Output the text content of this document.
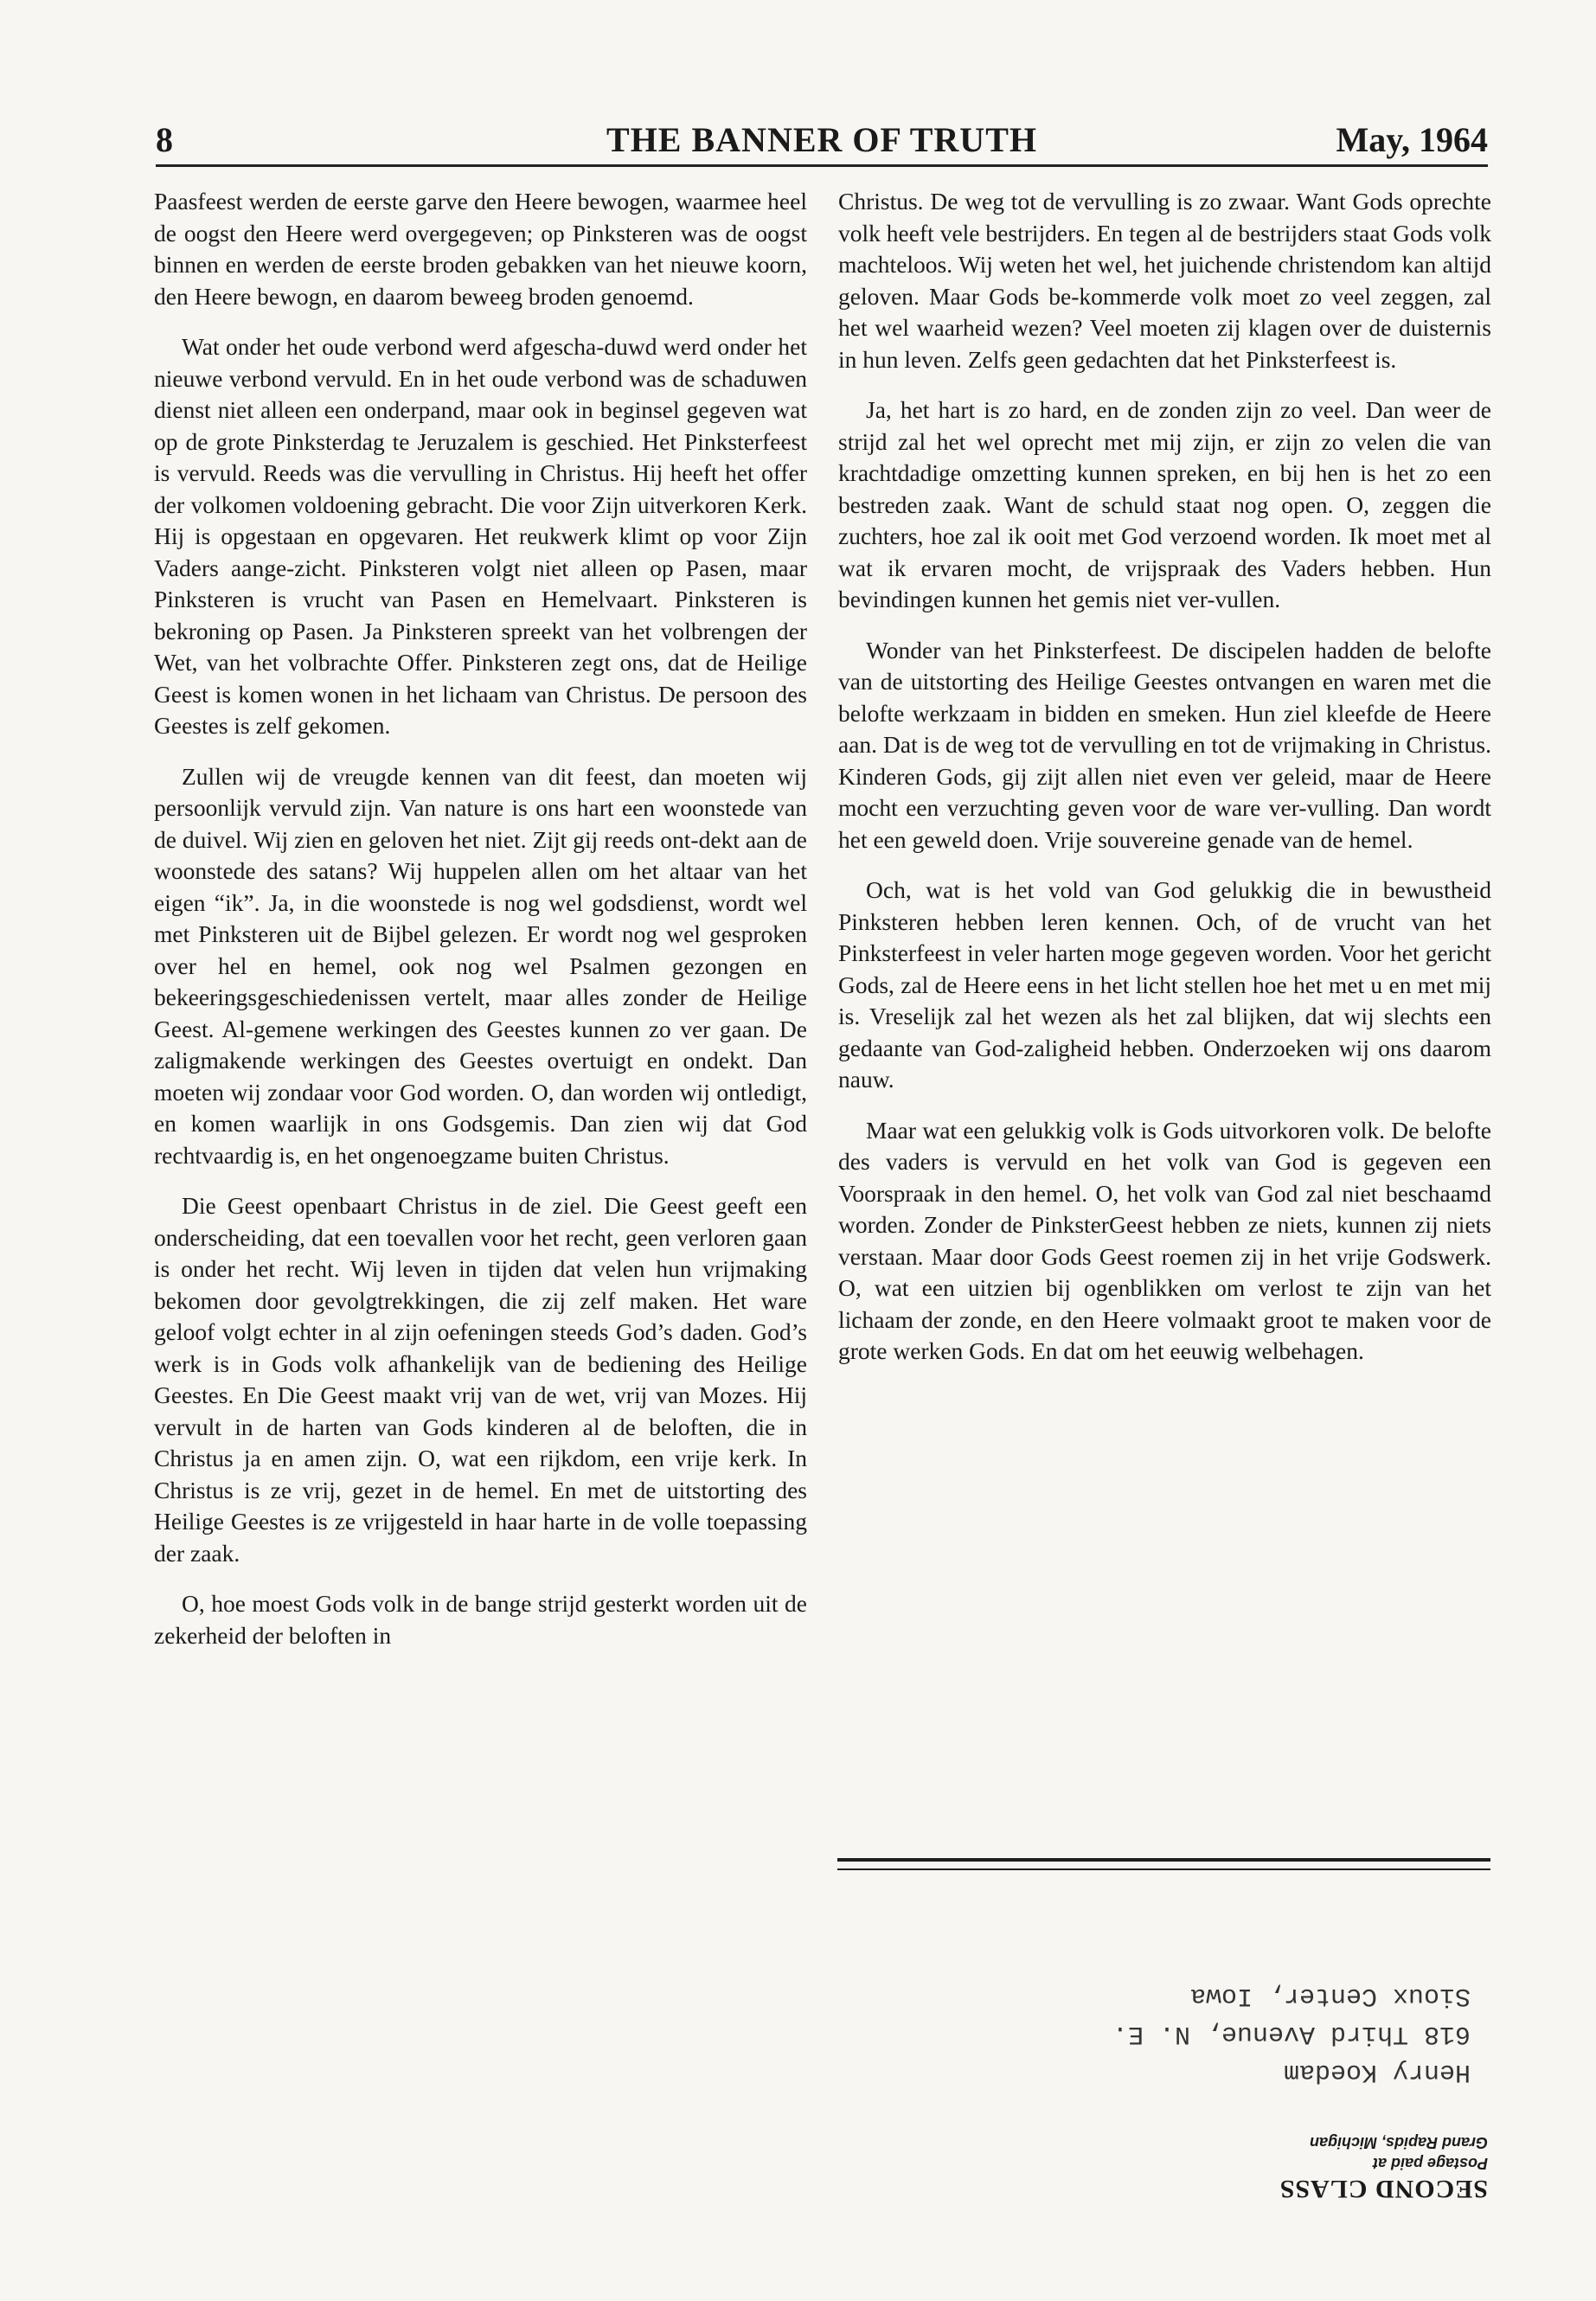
8	THE BANNER OF TRUTH	May, 1964

Paasfeest werden de eerste garve den Heere bewogen, waarmee heel de oogst den Heere werd overgegeven; op Pinksteren was de oogst binnen en werden de eerste broden gebakken van het nieuwe koorn, den Heere bewogn, en daarom beweeg broden genoemd.

Wat onder het oude verbond werd afgescha-duwd werd onder het nieuwe verbond vervuld. En in het oude verbond was de schaduwen dienst niet alleen een onderpand, maar ook in beginsel gegeven wat op de grote Pinksterdag te Jeruzalem is geschied. Het Pinksterfeest is vervuld. Reeds was die vervulling in Christus. Hij heeft het offer der volkomen voldoening gebracht. Die voor Zijn uitverkoren Kerk. Hij is opgestaan en opgevaren. Het reukwerk klimt op voor Zijn Vaders aange-zicht. Pinksteren volgt niet alleen op Pasen, maar Pinksteren is vrucht van Pasen en Hemelvaart. Pinksteren is bekroning op Pasen. Ja Pinksteren spreekt van het volbrengen der Wet, van het volbrachte Offer. Pinksteren zegt ons, dat de Heilige Geest is komen wonen in het lichaam van Christus. De persoon des Geestes is zelf gekomen.

Zullen wij de vreugde kennen van dit feest, dan moeten wij persoonlijk vervuld zijn. Van nature is ons hart een woonstede van de duivel. Wij zien en geloven het niet. Zijt gij reeds ont-dekt aan de woonstede des satans? Wij huppelen allen om het altaar van het eigen “ik”. Ja, in die woonstede is nog wel godsdienst, wordt wel met Pinksteren uit de Bijbel gelezen. Er wordt nog wel gesproken over hel en hemel, ook nog wel Psalmen gezongen en bekeeringsgeschiedenissen vertelt, maar alles zonder de Heilige Geest. Al-gemene werkingen des Geestes kunnen zo ver gaan. De zaligmakende werkingen des Geestes overtuigt en ondekt. Dan moeten wij zondaar voor God worden. O, dan worden wij ontledigt, en komen waarlijk in ons Godsgemis. Dan zien wij dat God rechtvaardig is, en het ongenoegzame buiten Christus.

Die Geest openbaart Christus in de ziel. Die Geest geeft een onderscheiding, dat een toevallen voor het recht, geen verloren gaan is onder het recht. Wij leven in tijden dat velen hun vrijmaking bekomen door gevolgtrekkingen, die zij zelf maken. Het ware geloof volgt echter in al zijn oefeningen steeds God’s daden. God’s werk is in Gods volk afhankelijk van de bediening des Heilige Geestes. En Die Geest maakt vrij van de wet, vrij van Mozes. Hij vervult in de harten van Gods kinderen al de beloften, die in Christus ja en amen zijn. O, wat een rijkdom, een vrije kerk. In Christus is ze vrij, gezet in de hemel. En met de uitstorting des Heilige Geestes is ze vrijgesteld in haar harte in de volle toepassing der zaak.

O, hoe moest Gods volk in de bange strijd gesterkt worden uit de zekerheid der beloften in

Christus. De weg tot de vervulling is zo zwaar. Want Gods oprechte volk heeft vele bestrijders. En tegen al de bestrijders staat Gods volk machteloos. Wij weten het wel, het juichende christendom kan altijd geloven. Maar Gods be-kommerde volk moet zo veel zeggen, zal het wel waarheid wezen? Veel moeten zij klagen over de duisternis in hun leven. Zelfs geen gedachten dat het Pinksterfeest is.

Ja, het hart is zo hard, en de zonden zijn zo veel. Dan weer de strijd zal het wel oprecht met mij zijn, er zijn zo velen die van krachtdadige omzetting kunnen spreken, en bij hen is het zo een bestreden zaak. Want de schuld staat nog open. O, zeggen die zuchters, hoe zal ik ooit met God verzoend worden. Ik moet met al wat ik ervaren mocht, de vrijspraak des Vaders hebben. Hun bevindingen kunnen het gemis niet ver-vullen.

Wonder van het Pinksterfeest. De discipelen hadden de belofte van de uitstorting des Heilige Geestes ontvangen en waren met die belofte werkzaam in bidden en smeken. Hun ziel kleefde de Heere aan. Dat is de weg tot de vervulling en tot de vrijmaking in Christus. Kinderen Gods, gij zijt allen niet even ver geleid, maar de Heere mocht een verzuchting geven voor de ware ver-vulling. Dan wordt het een geweld doen. Vrije souvereine genade van de hemel.

Och, wat is het vold van God gelukkig die in bewustheid Pinksteren hebben leren kennen. Och, of de vrucht van het Pinksterfeest in veler harten moge gegeven worden. Voor het gericht Gods, zal de Heere eens in het licht stellen hoe het met u en met mij is. Vreselijk zal het wezen als het zal blijken, dat wij slechts een gedaante van God-zaligheid hebben. Onderzoeken wij ons daarom nauw.

Maar wat een gelukkig volk is Gods uitvorkoren volk. De belofte des vaders is vervuld en het volk van God is gegeven een Voorspraak in den hemel. O, het volk van God zal niet beschaamd worden. Zonder de PinksterGeest hebben ze niets, kunnen zij niets verstaan. Maar door Gods Geest roemen zij in het vrije Godswerk. O, wat een uitzien bij ogenblikken om verlost te zijn van het lichaam der zonde, en den Heere volmaakt groot te maken voor de grote werken Gods. En dat om het eeuwig welbehagen.

Henry Koedam
618 Third Avenue, N. E.
Sioux Center, Iowa
SECOND CLASS
Postage paid at
Grand Rapids, Michigan
